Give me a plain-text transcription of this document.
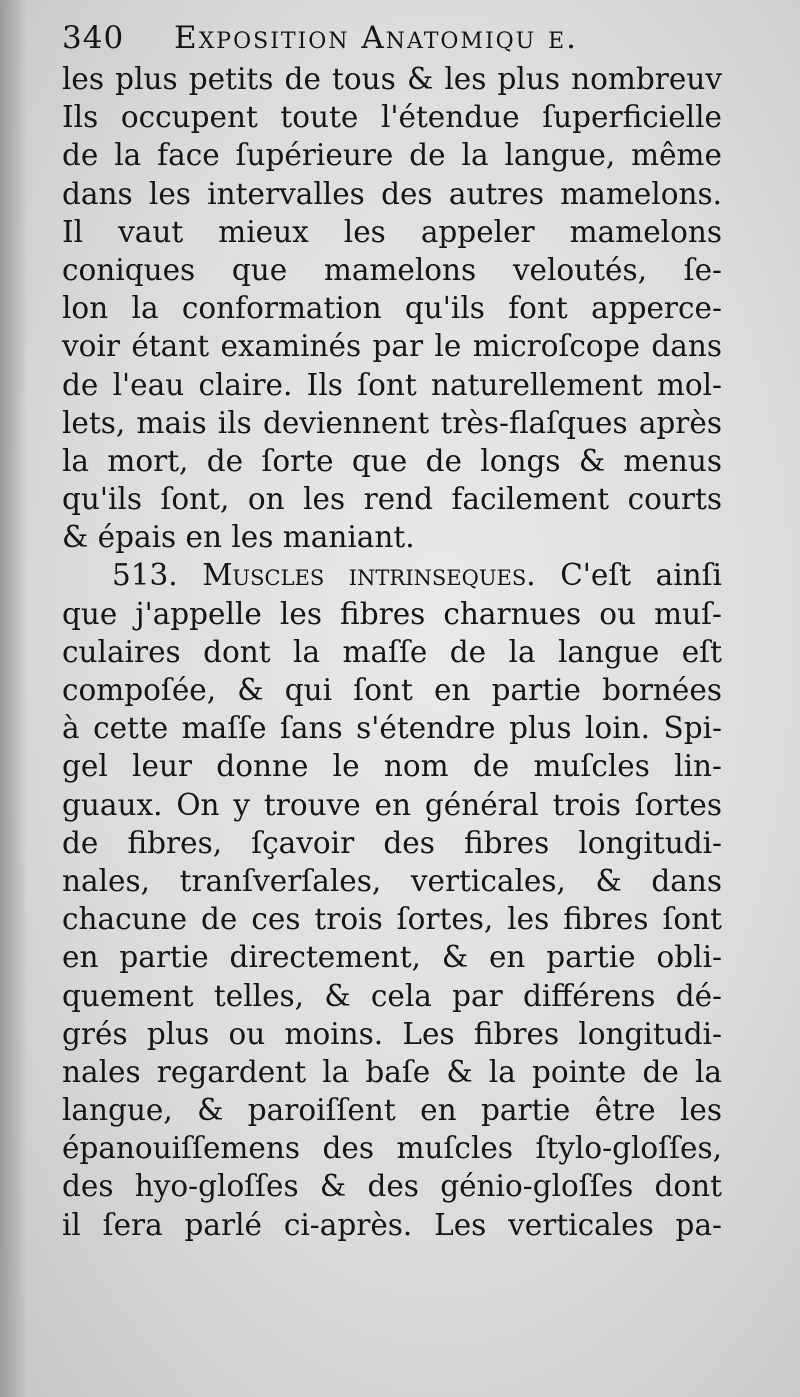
340 Exposition Anatomiqu e.
les plus petits de tous & les plus nombreuv
Ils occupent toute l'étendue ſuperficielle
de la face ſupérieure de la langue, même
dans les intervalles des autres mamelons.
Il vaut mieux les appeler mamelons
coniques que mamelons veloutés, ſe-
lon la conformation qu'ils font apperce-
voir étant examinés par le microſcope dans
de l'eau claire. Ils ſont naturellement mol-
lets, mais ils deviennent très-flaſques après
la mort, de ſorte que de longs & menus
qu'ils ſont, on les rend facilement courts
& épais en les maniant.
513. Muscles intrinseques. C'eſt ainſi
que j'appelle les fibres charnues ou muſ-
culaires dont la maſſe de la langue eſt
compoſée, & qui ſont en partie bornées
à cette maſſe ſans s'étendre plus loin. Spi-
gel leur donne le nom de muſcles lin-
guaux. On y trouve en général trois ſortes
de fibres, ſçavoir des fibres longitudi-
nales, tranſverſales, verticales, & dans
chacune de ces trois ſortes, les fibres ſont
en partie directement, & en partie obli-
quement telles, & cela par différens dé-
grés plus ou moins. Les fibres longitudi-
nales regardent la baſe & la pointe de la
langue, & paroiſſent en partie être les
épanouiſſemens des muſcles ſtylo-gloſſes,
des hyo-gloſſes & des génio-gloſſes dont
il ſera parlé ci-après. Les verticales pa-
